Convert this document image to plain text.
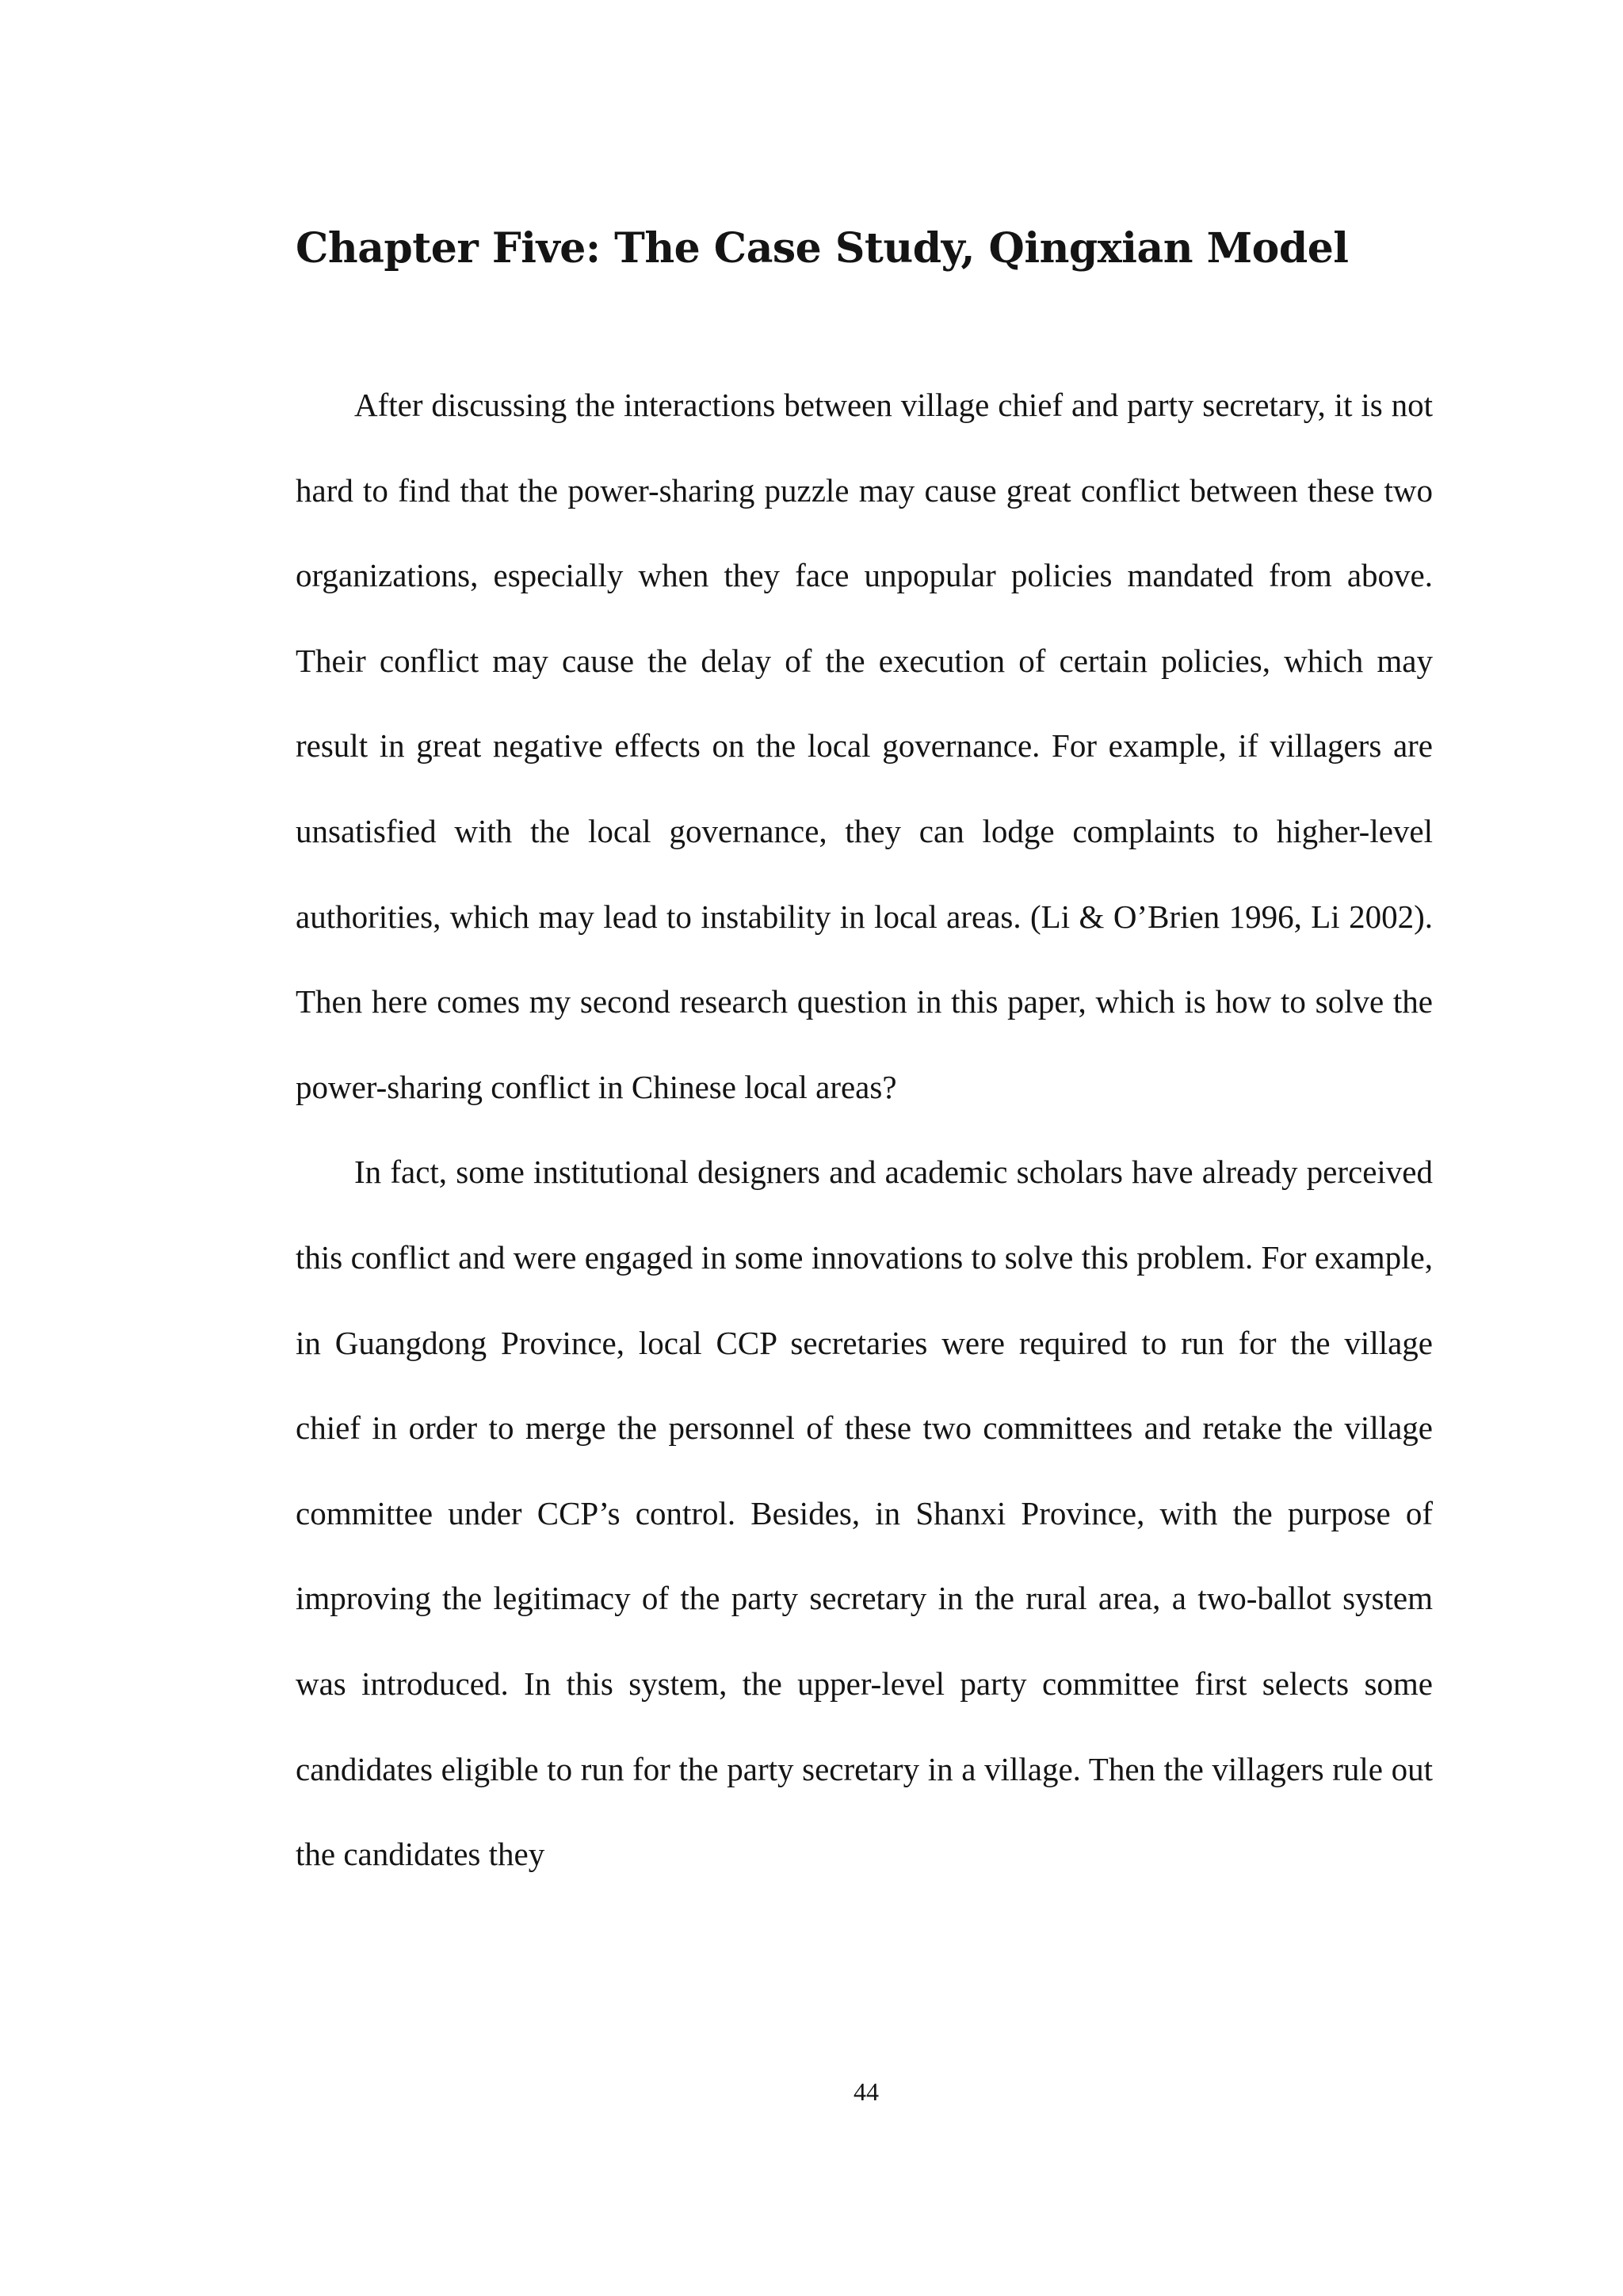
Chapter Five: The Case Study, Qingxian Model

After discussing the interactions between village chief and party secretary, it is not hard to find that the power-sharing puzzle may cause great conflict between these two organizations, especially when they face unpopular policies mandated from above. Their conflict may cause the delay of the execution of certain policies, which may result in great negative effects on the local governance. For example, if villagers are unsatisfied with the local governance, they can lodge complaints to higher-level authorities, which may lead to instability in local areas. (Li & O’Brien 1996, Li 2002). Then here comes my second research question in this paper, which is how to solve the power-sharing conflict in Chinese local areas?

In fact, some institutional designers and academic scholars have already perceived this conflict and were engaged in some innovations to solve this problem. For example, in Guangdong Province, local CCP secretaries were required to run for the village chief in order to merge the personnel of these two committees and retake the village committee under CCP’s control. Besides, in Shanxi Province, with the purpose of improving the legitimacy of the party secretary in the rural area, a two-ballot system was introduced. In this system, the upper-level party committee first selects some candidates eligible to run for the party secretary in a village. Then the villagers rule out the candidates they

44
